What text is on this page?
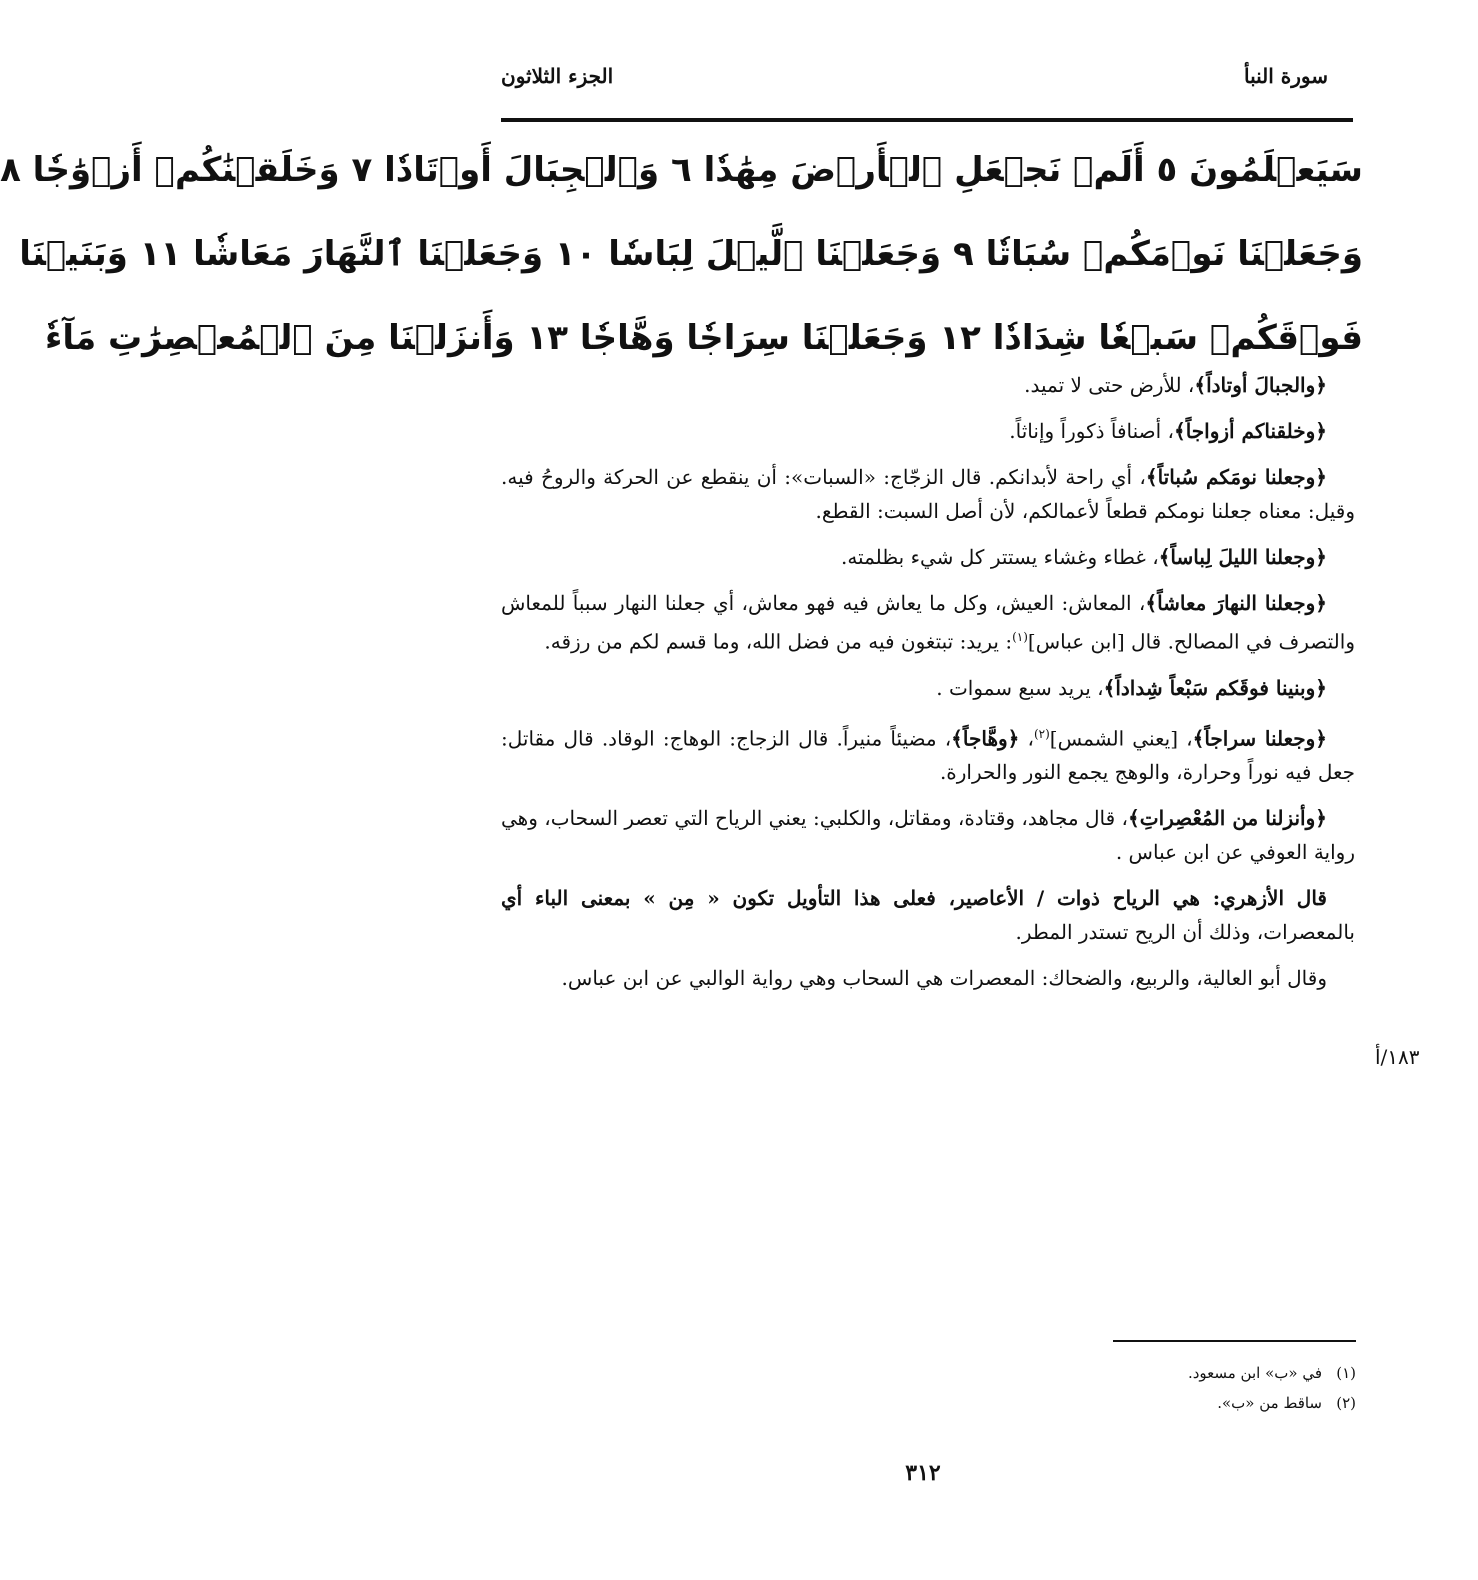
سورة النبأ
الجزء الثلاثون
سَيَعۡلَمُونَ ٥ أَلَمۡ نَجۡعَلِ ٱلۡأَرۡضَ مِهَٰدٗا ٦ وَٱلۡجِبَالَ أَوۡتَادٗا ٧ وَخَلَقۡنَٰكُمۡ أَزۡوَٰجٗا ٨
وَجَعَلۡنَا نَوۡمَكُمۡ سُبَاتٗا ٩ وَجَعَلۡنَا ٱلَّيۡلَ لِبَاسٗا ١٠ وَجَعَلۡنَا ٱلنَّهَارَ مَعَاشٗا ١١ وَبَنَيۡنَا
فَوۡقَكُمۡ سَبۡعٗا شِدَادٗا ١٢ وَجَعَلۡنَا سِرَاجٗا وَهَّاجٗا ١٣ وَأَنزَلۡنَا مِنَ ٱلۡمُعۡصِرَٰتِ مَآءٗ

﴿والجبالَ أوتاداً﴾، للأرض حتى لا تميد.

﴿وخلقناكم أزواجاً﴾، أصنافاً ذكوراً وإناثاً.

﴿وجعلنا نومَكم سُباتاً﴾، أي راحة لأبدانكم. قال الزجّاج: «السبات»: أن ينقطع عن الحركة والروحُ فيه. وقيل: معناه جعلنا نومكم قطعاً لأعمالكم، لأن أصل السبت: القطع.

﴿وجعلنا الليلَ لِباساً﴾، غطاء وغشاء يستتر كل شيء بظلمته.

﴿وجعلنا النهارَ معاشاً﴾، المعاش: العيش، وكل ما يعاش فيه فهو معاش، أي جعلنا النهار سبباً للمعاش والتصرف في المصالح. قال [ابن عباس]$^{(١)}$: يريد: تبتغون فيه من فضل الله، وما قسم لكم من رزقه.

﴿وبنينا فوقَكم سَبْعاً شِداداً﴾، يريد سبع سموات .

﴿وجعلنا سراجاً﴾، [يعني الشمس]$^{(٢)}$، ﴿وهَّاجاً﴾، مضيئاً منيراً. قال الزجاج: الوهاج: الوقاد. قال مقاتل: جعل فيه نوراً وحرارة، والوهج يجمع النور والحرارة.

﴿وأنزلنا من المُعْصِراتِ﴾، قال مجاهد، وقتادة، ومقاتل، والكلبي: يعني الرياح التي تعصر السحاب، وهي رواية العوفي عن ابن عباس .

قال الأزهري: هي الرياح ذوات / الأعاصير، فعلى هذا التأويل تكون « مِن » بمعنى الباء أي بالمعصرات، وذلك أن الريح تستدر المطر.

وقال أبو العالية، والربيع، والضحاك: المعصرات هي السحاب وهي رواية الوالبي عن ابن عباس.

١٨٣/أ
(١)في «ب» ابن مسعود.
(٢)ساقط من «ب».
٣١٢
